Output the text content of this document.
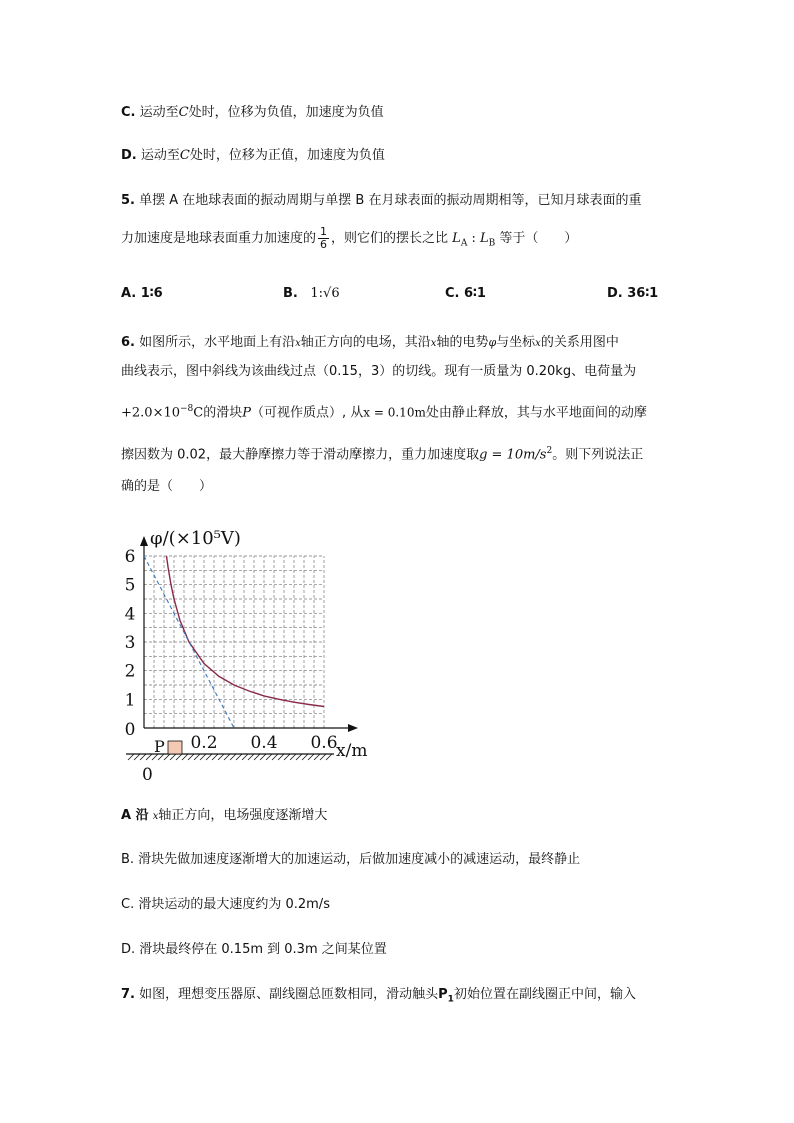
C. 运动至C处时，位移为负值，加速度为负值
D. 运动至C处时，位移为正值，加速度为负值
5. 单摆 A 在地球表面的振动周期与单摆 B 在月球表面的振动周期相等，已知月球表面的重
力加速度是地球表面重力加速度的 $\frac{1}{6}$ ，则它们的摆长之比 $L_A$ : $L_B$ 等于（　　）
A. 1∶6	B. 1:√6	C. 6∶1	D. 36∶1
6. 如图所示，水平地面上有沿x轴正方向的电场，其沿x轴的电势φ与坐标x的关系用图中
曲线表示，图中斜线为该曲线过点（0.15，3）的切线。现有一质量为 0.20kg、电荷量为
$+2.0\times 10^{-8}C$的滑块P（可视作质点）, 从x = 0.10m处由静止释放，其与水平地面间的动摩
擦因数为 0.02，最大静摩擦力等于滑动摩擦力，重力加速度取$g = 10m/s^2$。则下列说法正
确的是（　　）
0
1
2
3
4
5
6
0.2 0.4 0.6
φ/(×10⁵V)
x/m
P
0
A 沿 x轴正方向，电场强度逐渐增大
B. 滑块先做加速度逐渐增大的加速运动，后做加速度减小的减速运动，最终静止
C. 滑块运动的最大速度约为 0.2m/s
D. 滑块最终停在 0.15m 到 0.3m 之间某位置
7. 如图，理想变压器原、副线圈总匝数相同，滑动触头$P_1$初始位置在副线圈正中间，输入
